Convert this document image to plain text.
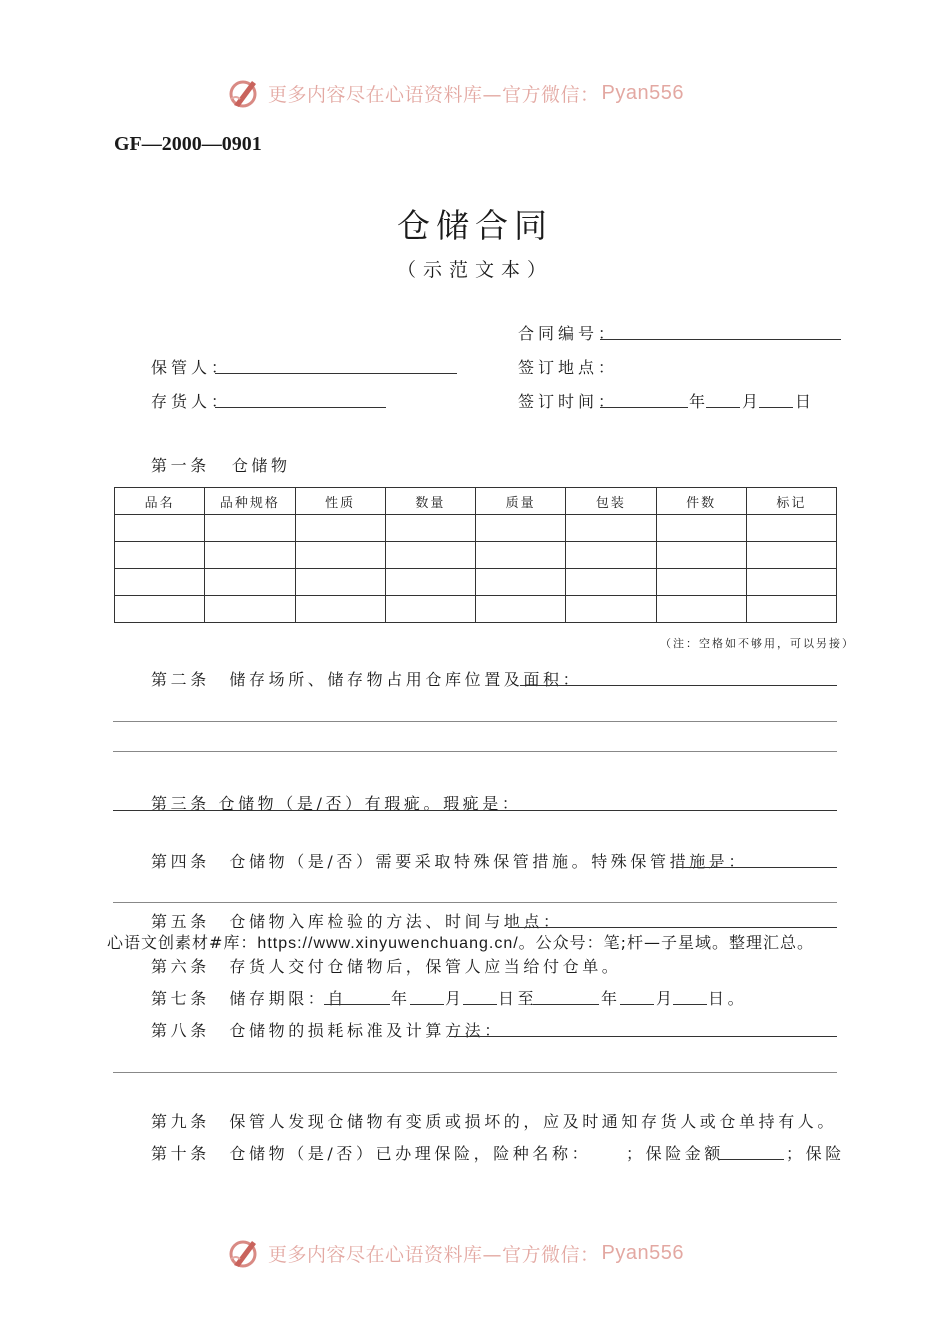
更多内容尽在心语资料库—官方微信： Pyan556
GF—2000—0901
仓储合同
（示范文本）
合同编号：
保管人：	签订地点：
存货人：	签订时间：	年 月 日
第一条 仓储物
品名	品种规格	性质	数量	质量	包装	件数	标记

（注：空格如不够用，可以另接）
第二条　储存场所、储存物占用仓库位置及面积：
第三条 仓储物（是/否）有瑕疵。瑕疵是：
第四条　仓储物（是/否）需要采取特殊保管措施。特殊保管措施是：
第五条　仓储物入库检验的方法、时间与地点：
心语文创素材#库：https://www.xinyuwenchuang.cn/。公众号：笔;杆—子星域。整理汇总。
第六条　存货人交付仓储物后，保管人应当给付仓单。
第七条　储存期限：自	年 月 日至	年 月 日。
第八条　仓储物的损耗标准及计算方法：
第九条　保管人发现仓储物有变质或损坏的，应及时通知存货人或仓单持有人。
第十条　仓储物（是/否）已办理保险，险种名称： ；保险金额	；保险
更多内容尽在心语资料库—官方微信： Pyan556
